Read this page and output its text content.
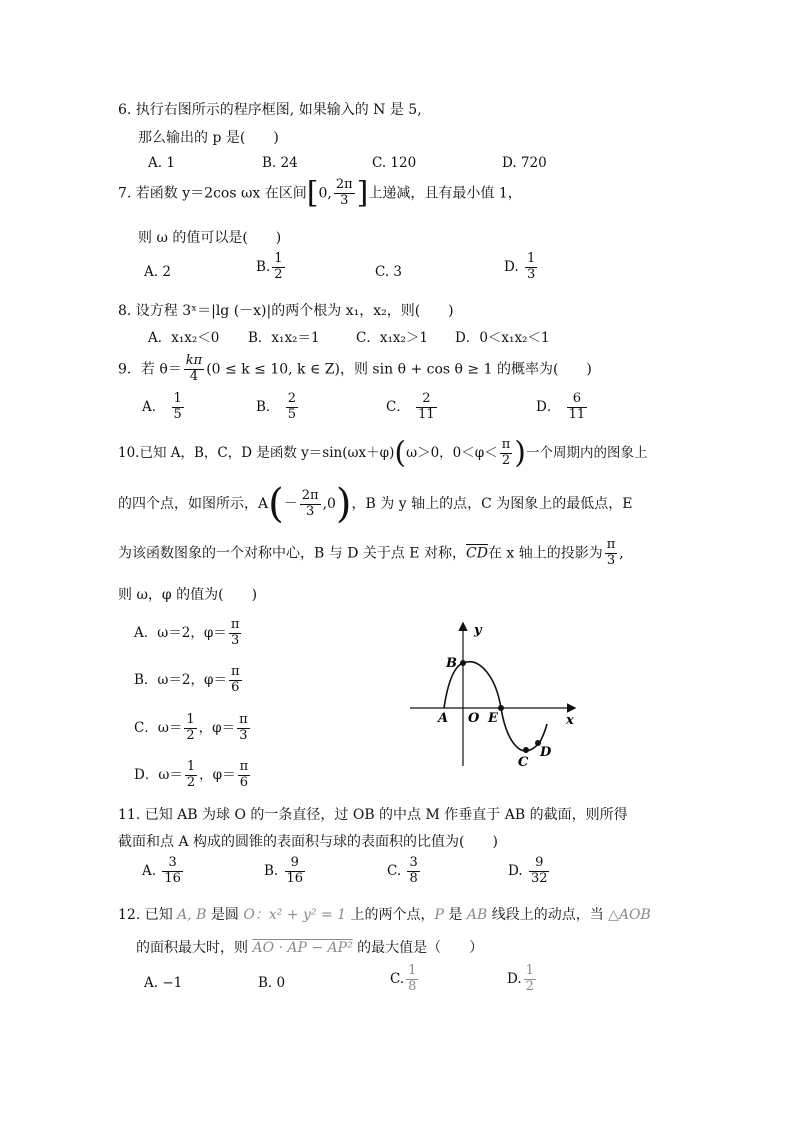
6. 执行右图所示的程序框图, 如果输入的 N 是 5,
那么输出的 p 是(　　)
A. 1	B. 24	C. 120	D. 720
7. 若函数 y＝2cos ωx 在区间[0, $\frac{2\pi}{3}$ ]上递减，且有最小值 1，
则 ω 的值可以是(　　)
A. 2	B. $\frac{1}{2}$	C. 3	D. $\frac{1}{3}$
8. 设方程 3ˣ＝|lg (－x)|的两个根为 x₁，x₂，则(　　)
A．x₁x₂＜0 B．x₁x₂＝1	C．x₁x₂＞1 D．0＜x₁x₂＜1
9．若 $\theta= \frac{k\pi}{4} (0 \le k \le 10$, k ∈ Z)，则 sin θ + cos θ ≥ 1 的概率为(　　)
A． $\frac{1}{5}$	B． $\frac{2}{5}$	C． $\frac{2}{11}$	D． $\frac{6}{11}$
10.已知 A，B，C，D 是函数 y＝sin(ωx＋φ)(ω＞0，$0<\varphi< \frac{\pi}{2}$ )一个周期内的图象上
的四个点，如图所示，$A(- \frac{2\pi}{3} ,0)$，B 为 y 轴上的点，C 为图象上的最低点，E
为该函数图象的一个对称中心，B 与 D 关于点 E 对称，$\overline{CD}$在 x 轴上的投影为 $\frac{\pi}{3}$ ,
则 ω，φ 的值为(　　)
A．ω＝2，$\varphi= \frac{\pi}{3}$
B．ω＝2，$\varphi= \frac{\pi}{6}$
C．$\omega= \frac{1}{2}$ ，$\varphi= \frac{\pi}{3}$
D．$\omega= \frac{1}{2}$ ，$\varphi= \frac{\pi}{6}$
y
x
A O E
B
C
D
11. 已知 AB 为球 O 的一条直径，过 OB 的中点 M 作垂直于 AB 的截面，则所得
截面和点 A 构成的圆锥的表面积与球的表面积的比值为(　　)
A. $\frac{3}{16}$	B. $\frac{9}{16}$	C. $\frac{3}{8}$	D. $\frac{9}{32}$
12. 已知 A, B 是圆 O：x² + y² = 1 上的两个点，P 是 AB 线段上的动点，当 △AOB
的面积最大时，则 AO · AP − AP² 的最大值是（　　）
A. −1	B. 0	C. $\frac{1}{8}$	D. $\frac{1}{2}$
